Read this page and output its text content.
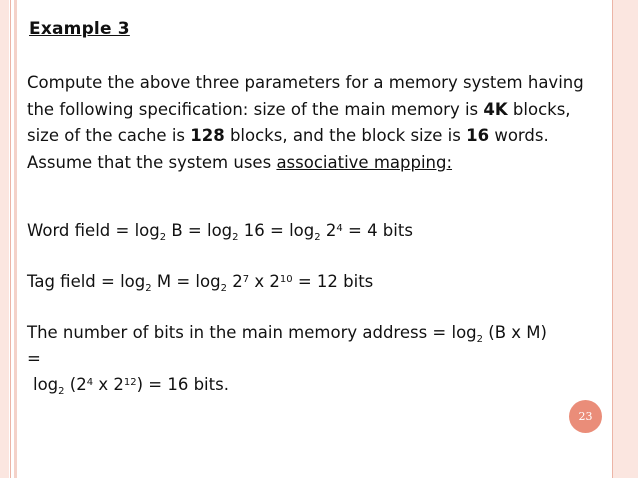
Example 3
Compute the above three parameters for a memory system having the following specification: size of the main memory is 4K blocks, size of the cache is 128 blocks, and the block size is 16 words. Assume that the system uses associative mapping:
Word field = $\log_2 B = \log_2 16 = \log_2 2^4 = 4$ bits
Tag field = $\log_2 M = \log_2 2^7$ x $2^{10} = 12$ bits
The number of bits in the main memory address = $\log_2 (B$ x M)
=
$\log_2 (2^4$ x $2^{12}) = 16$ bits.
23
